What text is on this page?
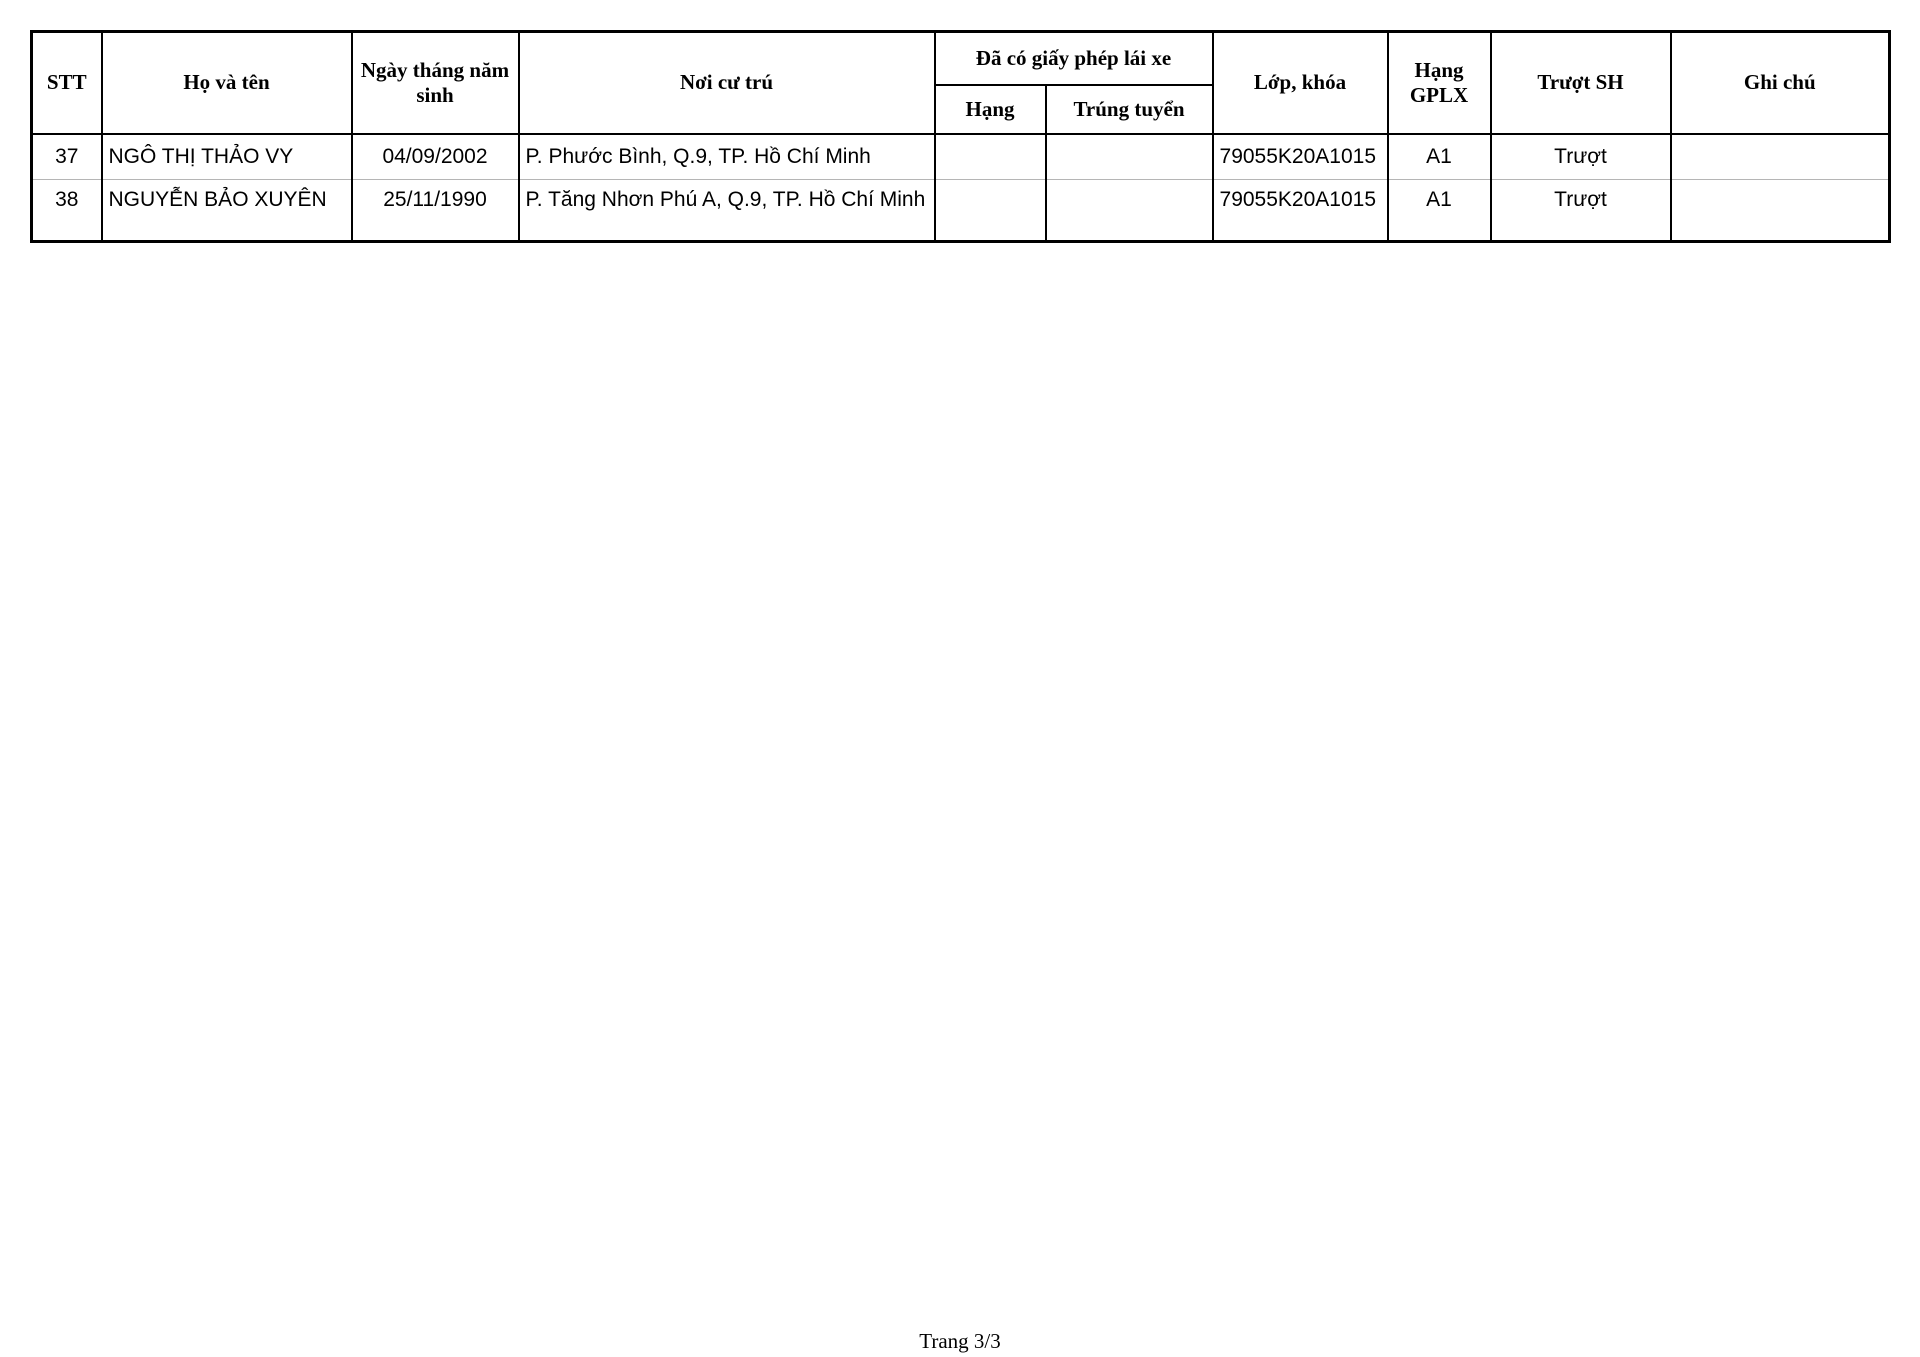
STT	Họ và tên	Ngày tháng năm sinh	Nơi cư trú	Đã có giấy phép lái xe		Lớp, khóa	Hạng GPLX	Trượt SH	Ghi chú
				Hạng	Trúng tuyển				
37	NGÔ THỊ THẢO VY	04/09/2002	P. Phước Bình, Q.9, TP. Hồ Chí Minh			79055K20A1015	A1	Trượt	
38	NGUYỄN BẢO XUYÊN	25/11/1990	P. Tăng Nhơn Phú A, Q.9, TP. Hồ Chí Minh			79055K20A1015	A1	Trượt	
Trang 3/3
